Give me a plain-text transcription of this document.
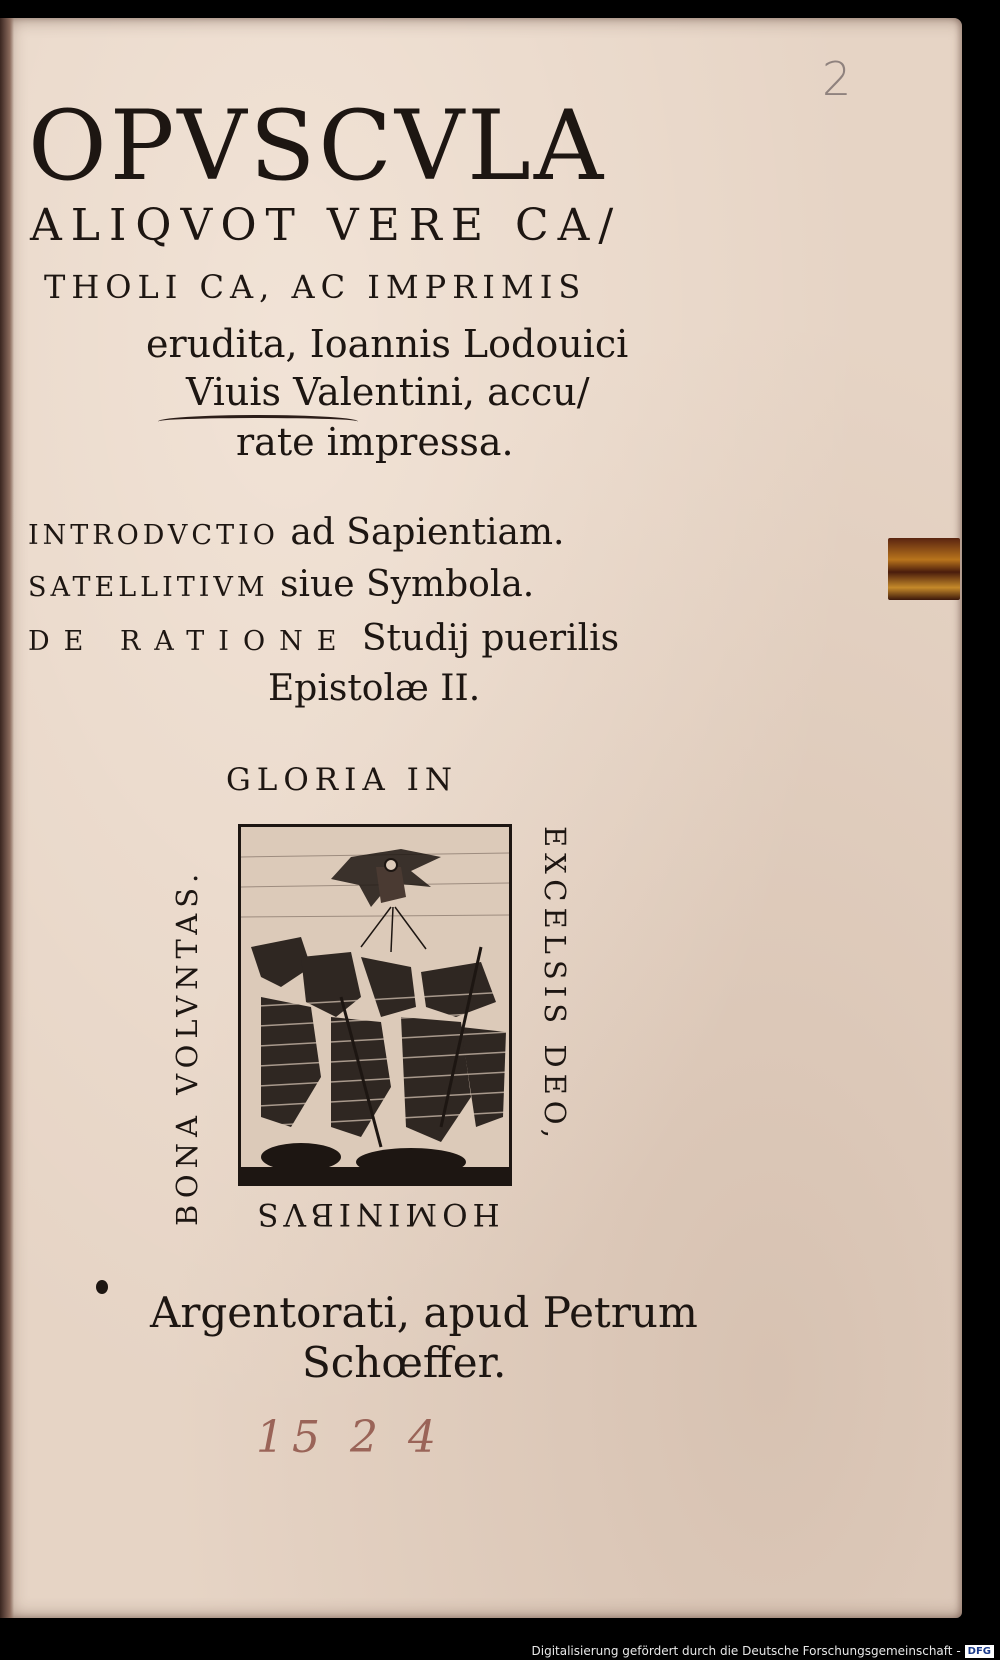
2
OPVSCVLA
ALIQVOT VERE CA/
THOLI CA, AC IMPRIMIS
erudita, Ioannis Lodouici
Viuis Valentini, accu/
rate impressa.
INTRODVCTIO ad Sapientiam.
SATELLITIVM siue Symbola.
DE RATIONE Studij puerilis
Epistolæ II.
GLORIA IN
EXCELSIS DEO,
BONA VOLVNTAS.	HOMINIBVS
Argentorati, apud Petrum
Schœffer.
15 2 4
Digitalisierung gefördert durch die Deutsche Forschungsgemeinschaft - DFG
